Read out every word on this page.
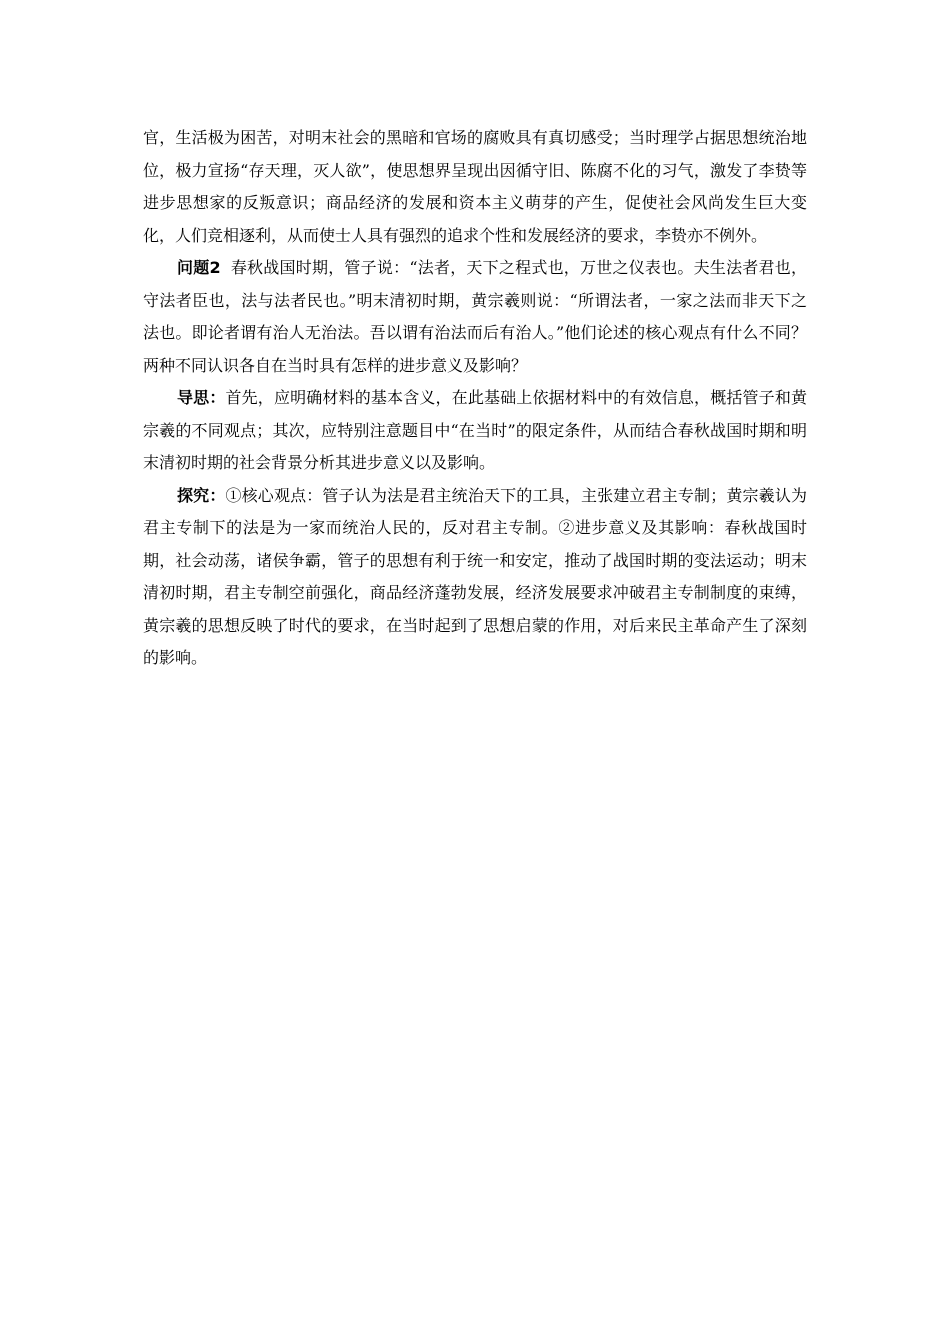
官，生活极为困苦，对明末社会的黑暗和官场的腐败具有真切感受；当时理学占据思想统治地位，极力宣扬“存天理，灭人欲”，使思想界呈现出因循守旧、陈腐不化的习气，激发了李贽等进步思想家的反叛意识；商品经济的发展和资本主义萌芽的产生，促使社会风尚发生巨大变化，人们竞相逐利，从而使士人具有强烈的追求个性和发展经济的要求，李贽亦不例外。

问题2 春秋战国时期，管子说：“法者，天下之程式也，万世之仪表也。夫生法者君也，守法者臣也，法与法者民也。”明末清初时期，黄宗羲则说：“所谓法者，一家之法而非天下之法也。即论者谓有治人无治法。吾以谓有治法而后有治人。”他们论述的核心观点有什么不同？两种不同认识各自在当时具有怎样的进步意义及影响？

导思：首先，应明确材料的基本含义，在此基础上依据材料中的有效信息，概括管子和黄宗羲的不同观点；其次，应特别注意题目中“在当时”的限定条件，从而结合春秋战国时期和明末清初时期的社会背景分析其进步意义以及影响。

探究：①核心观点：管子认为法是君主统治天下的工具，主张建立君主专制；黄宗羲认为君主专制下的法是为一家而统治人民的，反对君主专制。②进步意义及其影响：春秋战国时期，社会动荡，诸侯争霸，管子的思想有利于统一和安定，推动了战国时期的变法运动；明末清初时期，君主专制空前强化，商品经济蓬勃发展，经济发展要求冲破君主专制制度的束缚，黄宗羲的思想反映了时代的要求，在当时起到了思想启蒙的作用，对后来民主革命产生了深刻的影响。
